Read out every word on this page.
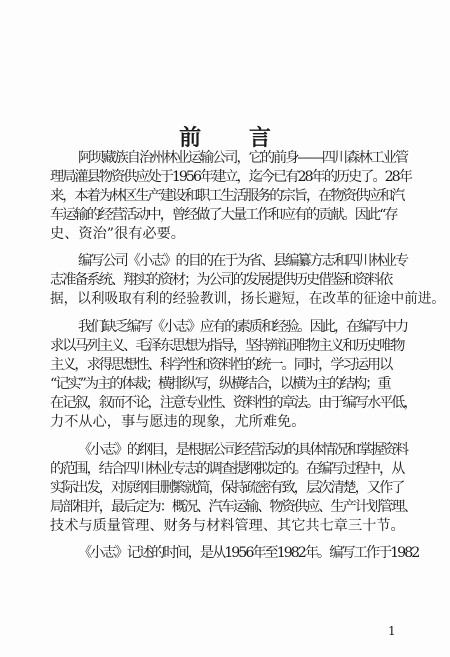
前 言
阿坝藏族自治州林业运输公司，它的前身——四川森林工业管
理局灌县物资供应处于1956年建立，迄今已有28年的历史了。28年
来，本着为林区生产建设和职工生活服务的宗旨，在物资供应和汽
车运输的经营活动中，曾经做了大量工作和应有的贡献。因此“存
史、资治”很有必要。
编写公司《小志》的目的在于为省、县编纂方志和四川林业专
志准备系统、翔实的资材；为公司的发展提供历史借鉴和资料依
据，以利吸取有利的经验教训，扬长避短，在改革的征途中前进。
我们缺乏编写《小志》应有的素质和经验。因此，在编写中力
求以马列主义、毛泽东思想为指导，坚持辩证唯物主义和历史唯物
主义，求得思想性、科学性和资料性的统一。同时，学习运用以
“记实”为主的体裁；横排纵写，纵横结合，以横为主的结构；重
在记叙，叙而不论，注意专业性、资料性的章法。由于编写水平低，
力不从心，事与愿违的现象，尤所难免。
《小志》的纲目，是根据公司经营活动的具体情况和掌握资料
的范围，结合四川林业专志的调查提纲拟定的。在编写过程中，从
实际出发，对原纲目删繁就简，保持疏密有致，层次清楚，又作了
局部相并，最后定为：概况、汽车运输、物资供应、生产计划管理、
技术与质量管理、财务与材料管理、其它共七章三十节。
《小志》记述的时间，是从1956年至1982年。编写工作于1982
1
